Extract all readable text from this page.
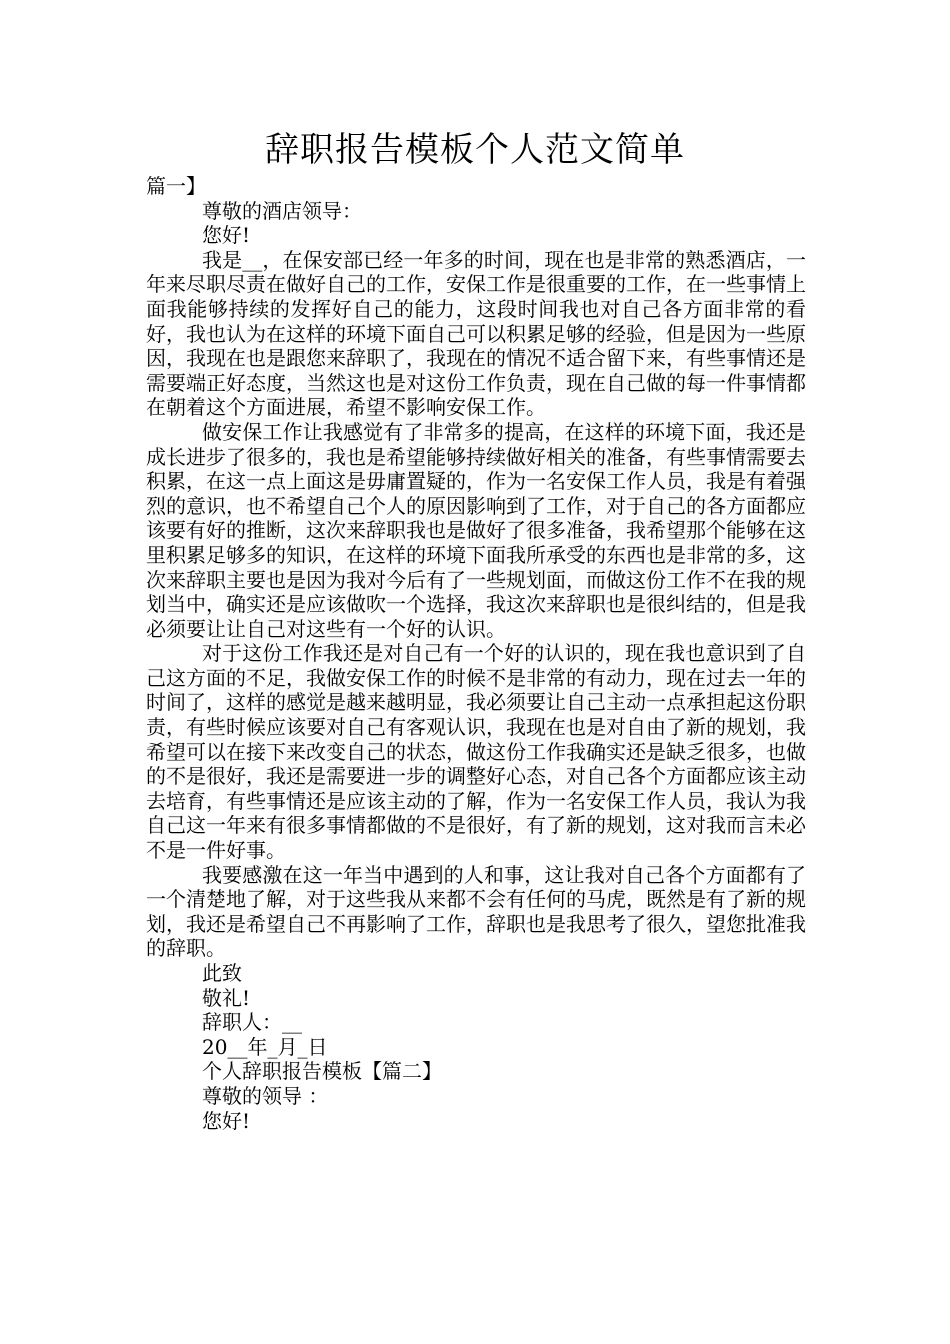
辞职报告模板个人范文简单

篇一】

尊敬的酒店领导：

您好!

我是__，在保安部已经一年多的时间，现在也是非常的熟悉酒店，一年来尽职尽责在做好自己的工作，安保工作是很重要的工作，在一些事情上面我能够持续的发挥好自己的能力，这段时间我也对自己各方面非常的看好，我也认为在这样的环境下面自己可以积累足够的经验，但是因为一些原因，我现在也是跟您来辞职了，我现在的情况不适合留下来，有些事情还是需要端正好态度，当然这也是对这份工作负责，现在自己做的每一件事情都在朝着这个方面进展，希望不影响安保工作。

做安保工作让我感觉有了非常多的提高，在这样的环境下面，我还是成长进步了很多的，我也是希望能够持续做好相关的准备，有些事情需要去积累，在这一点上面这是毋庸置疑的，作为一名安保工作人员，我是有着强烈的意识，也不希望自己个人的原因影响到了工作，对于自己的各方面都应该要有好的推断，这次来辞职我也是做好了很多准备，我希望那个能够在这里积累足够多的知识，在这样的环境下面我所承受的东西也是非常的多，这次来辞职主要也是因为我对今后有了一些规划面，而做这份工作不在我的规划当中，确实还是应该做吹一个选择，我这次来辞职也是很纠结的，但是我必须要让让自己对这些有一个好的认识。

对于这份工作我还是对自己有一个好的认识的，现在我也意识到了自己这方面的不足，我做安保工作的时候不是非常的有动力，现在过去一年的时间了，这样的感觉是越来越明显，我必须要让自己主动一点承担起这份职责，有些时候应该要对自己有客观认识，我现在也是对自由了新的规划，我希望可以在接下来改变自己的状态，做这份工作我确实还是缺乏很多，也做的不是很好，我还是需要进一步的调整好心态，对自己各个方面都应该主动去培育，有些事情还是应该主动的了解，作为一名安保工作人员，我认为我自己这一年来有很多事情都做的不是很好，有了新的规划，这对我而言未必不是一件好事。

我要感激在这一年当中遇到的人和事，这让我对自己各个方面都有了一个清楚地了解，对于这些我从来都不会有任何的马虎，既然是有了新的规划，我还是希望自己不再影响了工作，辞职也是我思考了很久，望您批准我的辞职。

此致

敬礼!

辞职人：__

20__年_月_日

个人辞职报告模板【篇二】

尊敬的领导 ：

您好!
